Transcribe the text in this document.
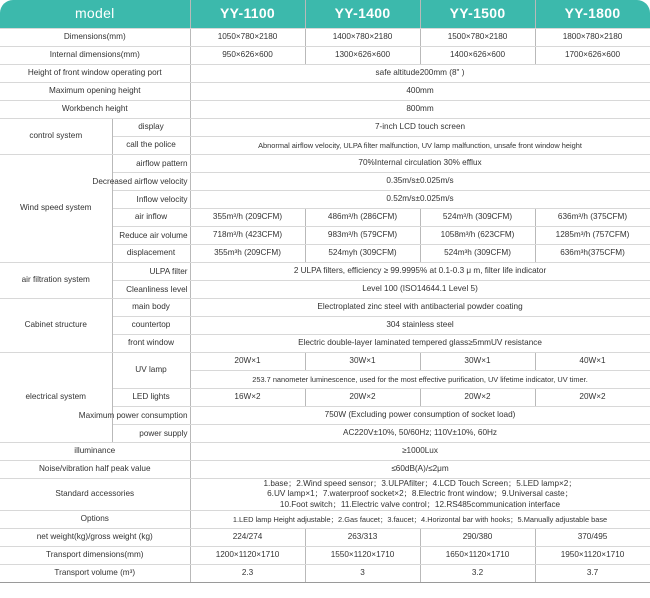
model		YY-1100	YY-1400	YY-1500	YY-1800
Dimensions(mm)		1050×780×2180	1400×780×2180	1500×780×2180	1800×780×2180
Internal dimensions(mm)		950×626×600	1300×626×600	1400×626×600	1700×626×600
Height of front window operating port		safe altitude200mm (8" )			
Maximum opening height		400mm			
Workbench height		800mm			
control system	display	7-inch LCD touch screen			
	call the police	Abnormal airflow velocity, ULPA filter malfunction, UV lamp malfunction, unsafe front window height			
Wind speed system	airflow pattern	70%Internal circulation 30% efflux			

	Decreased airflow velocity	0.35m/s±0.025m/s			

	Inflow velocity	0.52m/s±0.025m/s			
	air inflow	355m³/h (209CFM)	486m³/h (286CFM)	524m³/h (309CFM)	636m³/h (375CFM)

	Reduce air volume	718m³/h (423CFM)	983m³/h (579CFM)	1058m³/h (623CFM)	1285m³/h (757CFM)
	displacement	355m³h (209CFM)	524myh (309CFM)	524m³h (309CFM)	636m³h(375CFM)
air filtration system	ULPA filter	2 ULPA filters, efficiency ≥ 99.9995% at 0.1-0.3 μ m, filter life indicator			

	Cleanliness level	Level 100 (ISO14644.1 Level 5)			
Cabinet structure	main body	Electroplated zinc steel with antibacterial powder coating			
	countertop	304 stainless steel			
	front window	Electric double-layer laminated tempered glass≥5mmUV resistance			
electrical system	UV lamp	20W×1	30W×1	30W×1	40W×1
		253.7 nanometer luminescence, used for the most effective purification, UV lifetime indicator, UV timer.			
	LED lights	16W×2	20W×2	20W×2	20W×2

	Maximum power consumption	750W (Excluding power consumption of socket load)			

	power supply	AC220V±10%, 50/60Hz; 110V±10%, 60Hz			
illuminance		≥1000Lux			
Noise/vibration half peak value		≤60dB(A)/≤2μm			
Standard accessories		1.base；2.Wind speed sensor；3.ULPAfilter；4.LCD Touch Screen；5.LED lamp×2；
6.UV lamp×1；7.waterproof socket×2；8.Electric front window；9.Universal caste；
10.Foot switch；11.Electric valve control；12.RS485communication interface			

Options		1.LED lamp Height adjustable；2.Gas faucet；3.faucet；4.Horizontal bar with hooks；5.Manually adjustable base			
net weight(kg)/gross weight (kg)		224/274	263/313	290/380	370/495
Transport dimensions(mm)		1200×1120×1710	1550×1120×1710	1650×1120×1710	1950×1120×1710
Transport volume (m³)		2.3	3	3.2	3.7
